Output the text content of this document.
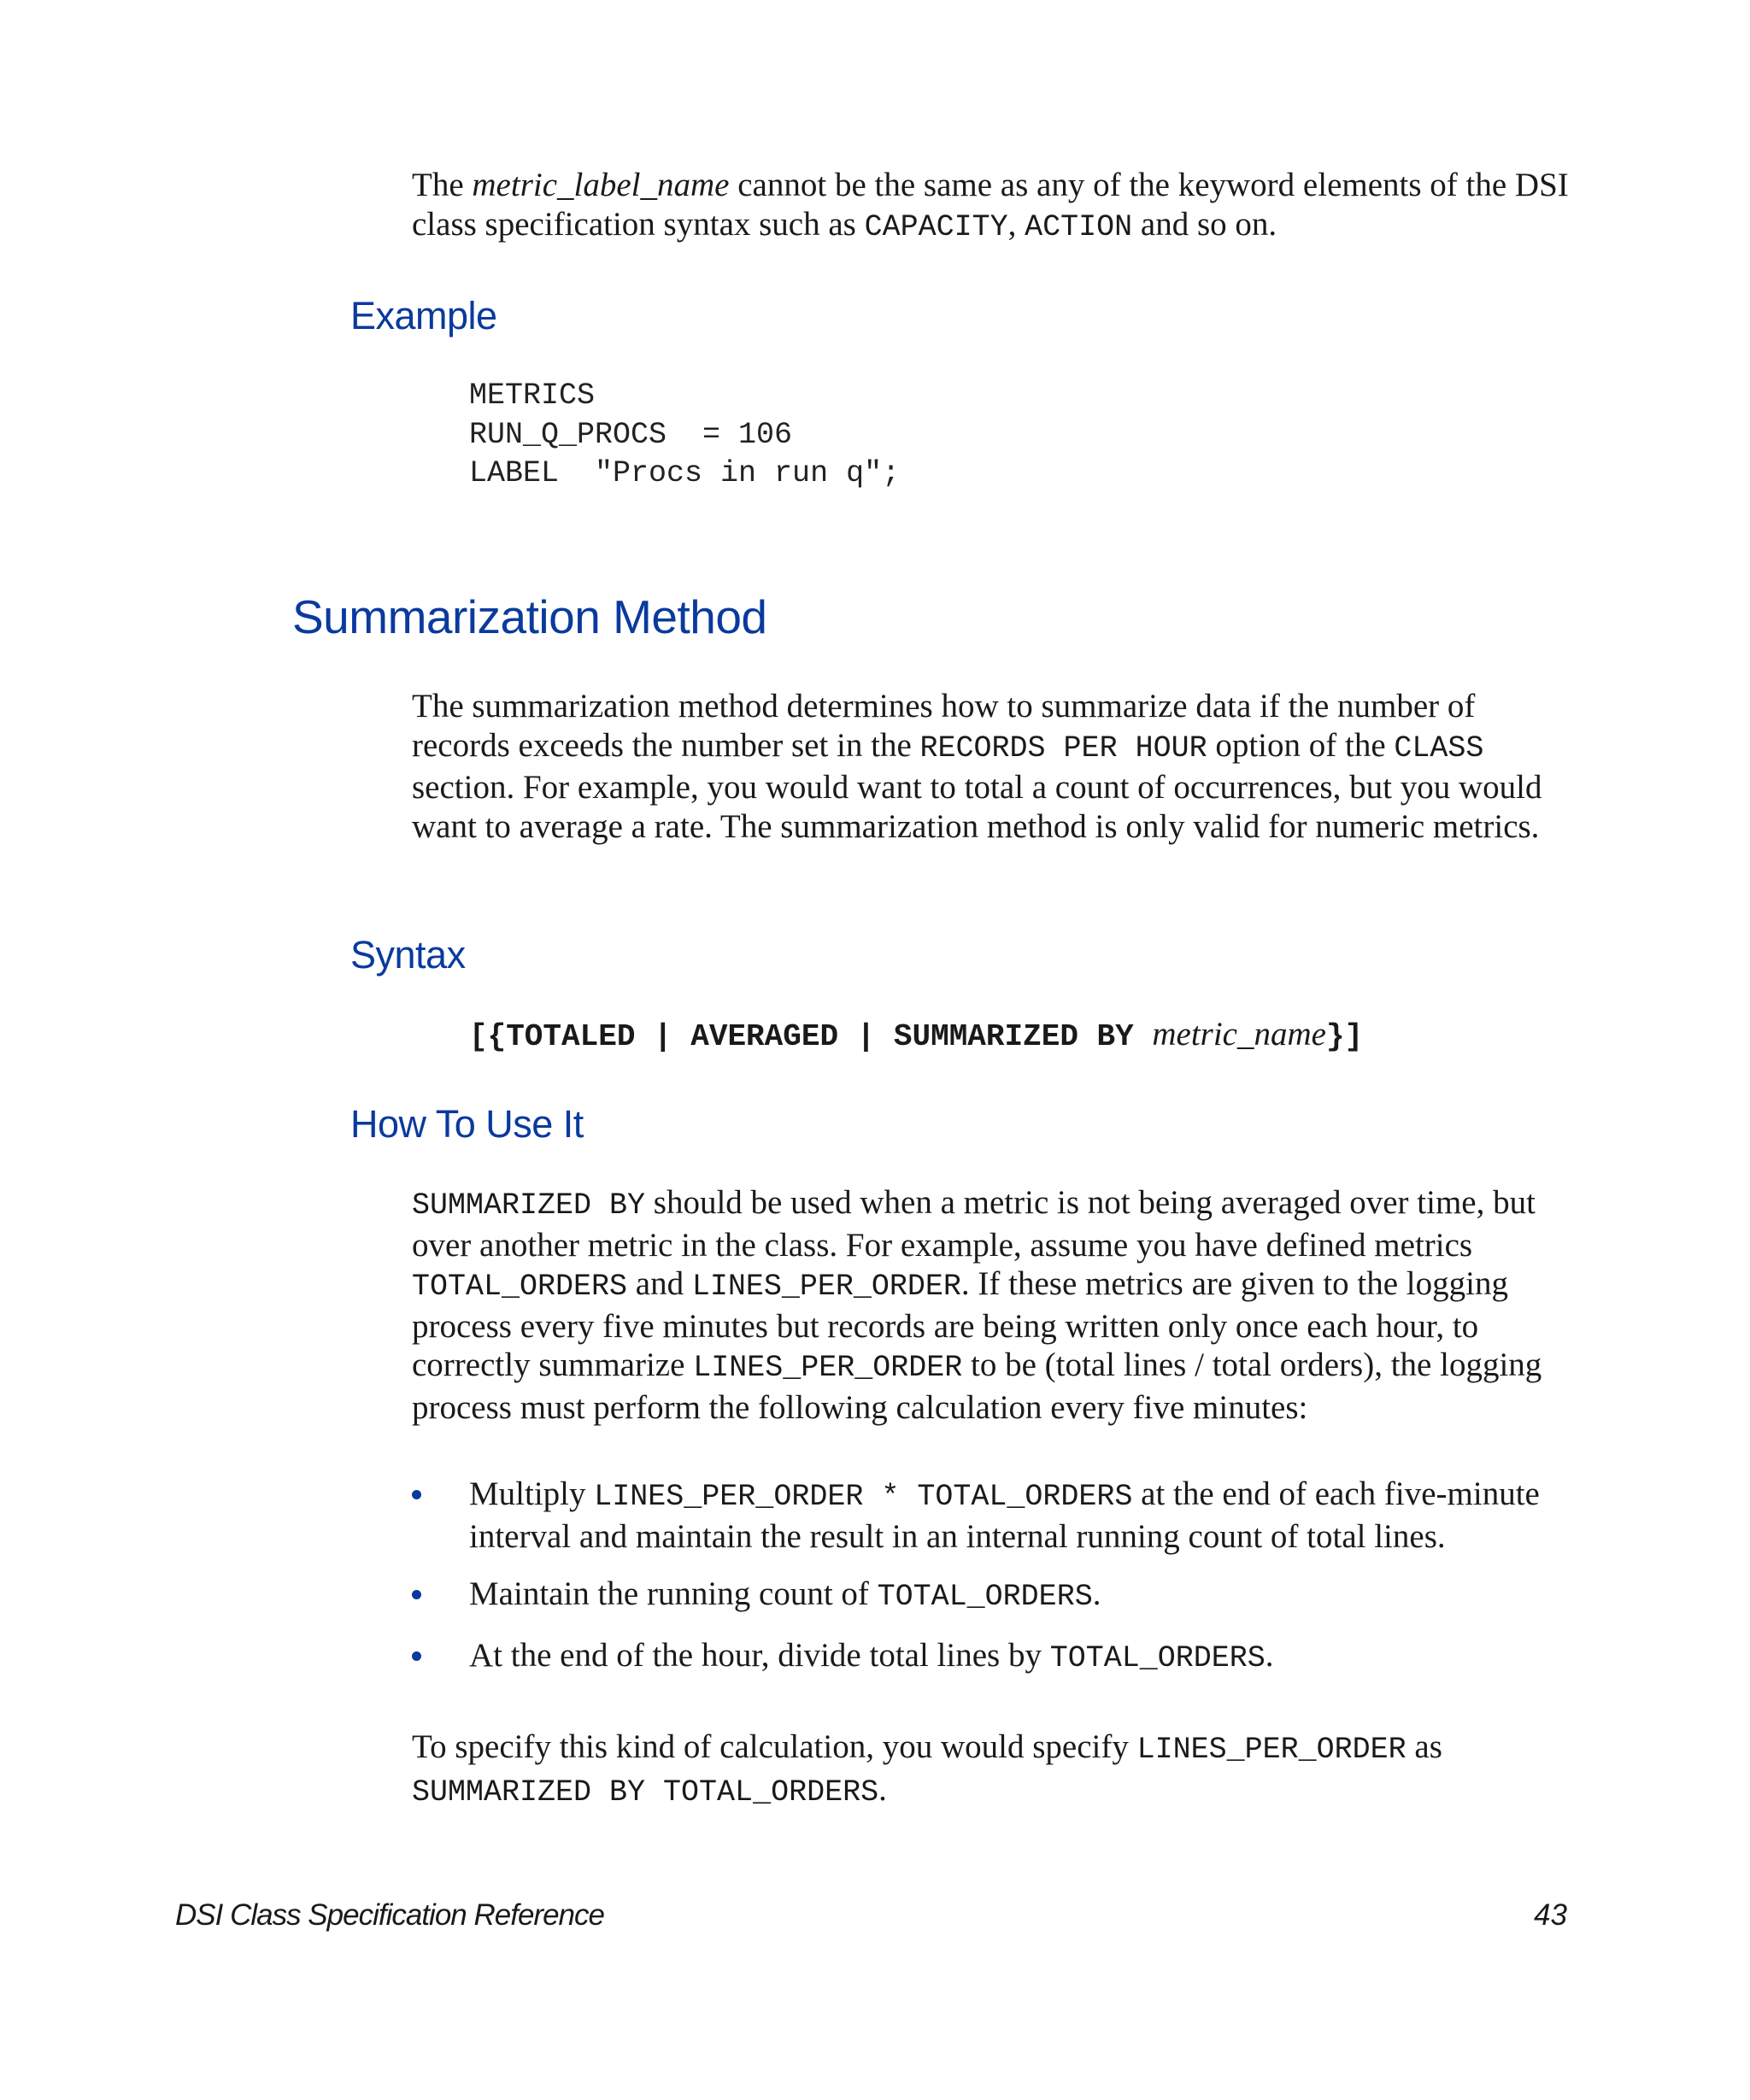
The metric_label_name cannot be the same as any of the keyword elements of the DSI class specification syntax such as CAPACITY, ACTION and so on.

Example
METRICS
RUN_Q_PROCS  = 106
LABEL  "Procs in run q";
Summarization Method

The summarization method determines how to summarize data if the number of records exceeds the number set in the RECORDS PER HOUR option of the CLASS section. For example, you would want to total a count of occurrences, but you would want to average a rate. The summarization method is only valid for numeric metrics.

Syntax
[{TOTALED | AVERAGED | SUMMARIZED BY metric_name}]
How To Use It

SUMMARIZED BY should be used when a metric is not being averaged over time, but over another metric in the class. For example, assume you have defined metrics TOTAL_ORDERS and LINES_PER_ORDER. If these metrics are given to the logging process every five minutes but records are being written only once each hour, to correctly summarize LINES_PER_ORDER to be (total lines / total orders), the logging process must perform the following calculation every five minutes:

Multiply LINES_PER_ORDER * TOTAL_ORDERS at the end of each five-minute interval and maintain the result in an internal running count of total lines.
Maintain the running count of TOTAL_ORDERS.
At the end of the hour, divide total lines by TOTAL_ORDERS.

To specify this kind of calculation, you would specify LINES_PER_ORDER as SUMMARIZED BY TOTAL_ORDERS.

DSI Class Specification Reference	43
